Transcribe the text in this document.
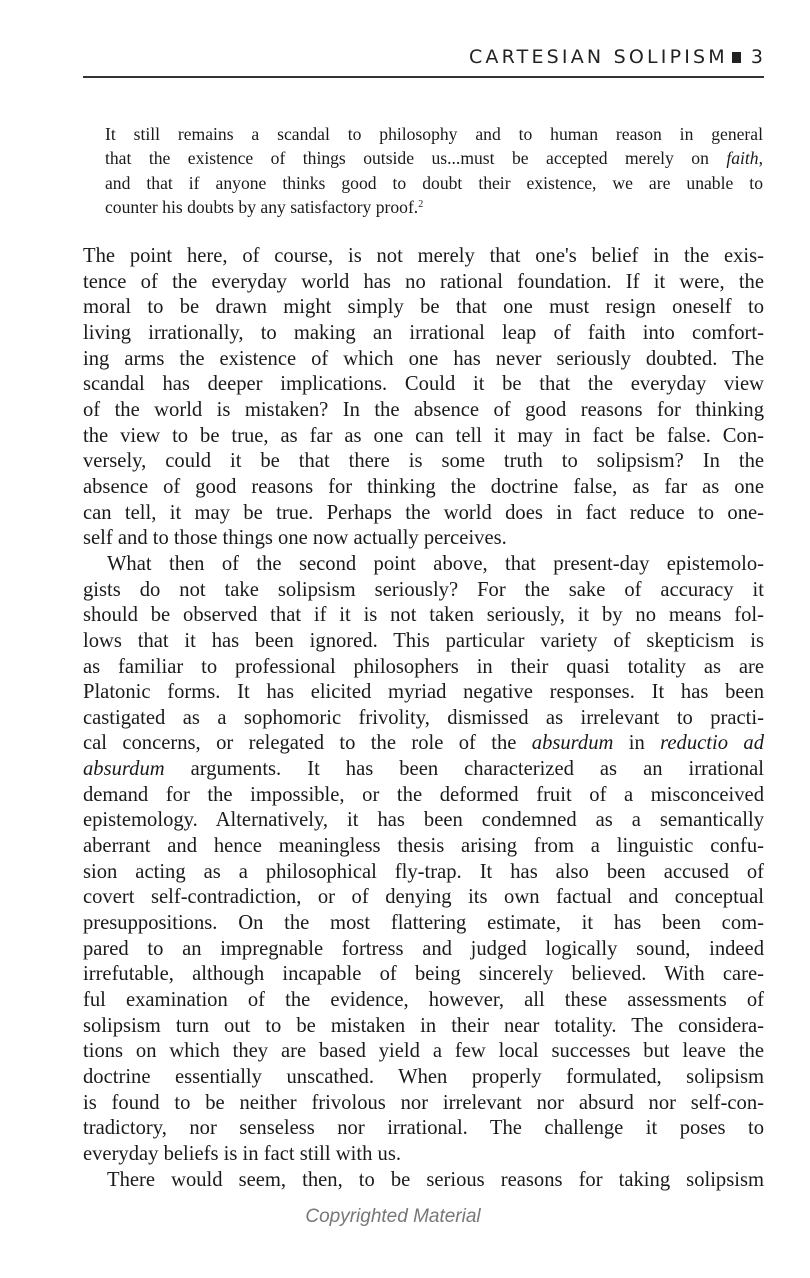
CARTESIAN SOLIPISM 3
It still remains a scandal to philosophy and to human reason in general
that the existence of things outside us...must be accepted merely on faith,
and that if anyone thinks good to doubt their existence, we are unable to
counter his doubts by any satisfactory proof.$^2$
The point here, of course, is not merely that one's belief in the exis-
tence of the everyday world has no rational foundation. If it were, the
moral to be drawn might simply be that one must resign oneself to
living irrationally, to making an irrational leap of faith into comfort-
ing arms the existence of which one has never seriously doubted. The
scandal has deeper implications. Could it be that the everyday view
of the world is mistaken? In the absence of good reasons for thinking
the view to be true, as far as one can tell it may in fact be false. Con-
versely, could it be that there is some truth to solipsism? In the
absence of good reasons for thinking the doctrine false, as far as one
can tell, it may be true. Perhaps the world does in fact reduce to one-
self and to those things one now actually perceives.
What then of the second point above, that present-day epistemolo-
gists do not take solipsism seriously? For the sake of accuracy it
should be observed that if it is not taken seriously, it by no means fol-
lows that it has been ignored. This particular variety of skepticism is
as familiar to professional philosophers in their quasi totality as are
Platonic forms. It has elicited myriad negative responses. It has been
castigated as a sophomoric frivolity, dismissed as irrelevant to practi-
cal concerns, or relegated to the role of the absurdum in reductio ad
absurdum arguments. It has been characterized as an irrational
demand for the impossible, or the deformed fruit of a misconceived
epistemology. Alternatively, it has been condemned as a semantically
aberrant and hence meaningless thesis arising from a linguistic confu-
sion acting as a philosophical fly-trap. It has also been accused of
covert self-contradiction, or of denying its own factual and conceptual
presuppositions. On the most flattering estimate, it has been com-
pared to an impregnable fortress and judged logically sound, indeed
irrefutable, although incapable of being sincerely believed. With care-
ful examination of the evidence, however, all these assessments of
solipsism turn out to be mistaken in their near totality. The considera-
tions on which they are based yield a few local successes but leave the
doctrine essentially unscathed. When properly formulated, solipsism
is found to be neither frivolous nor irrelevant nor absurd nor self-con-
tradictory, nor senseless nor irrational. The challenge it poses to
everyday beliefs is in fact still with us.
There would seem, then, to be serious reasons for taking solipsism
Copyrighted Material
